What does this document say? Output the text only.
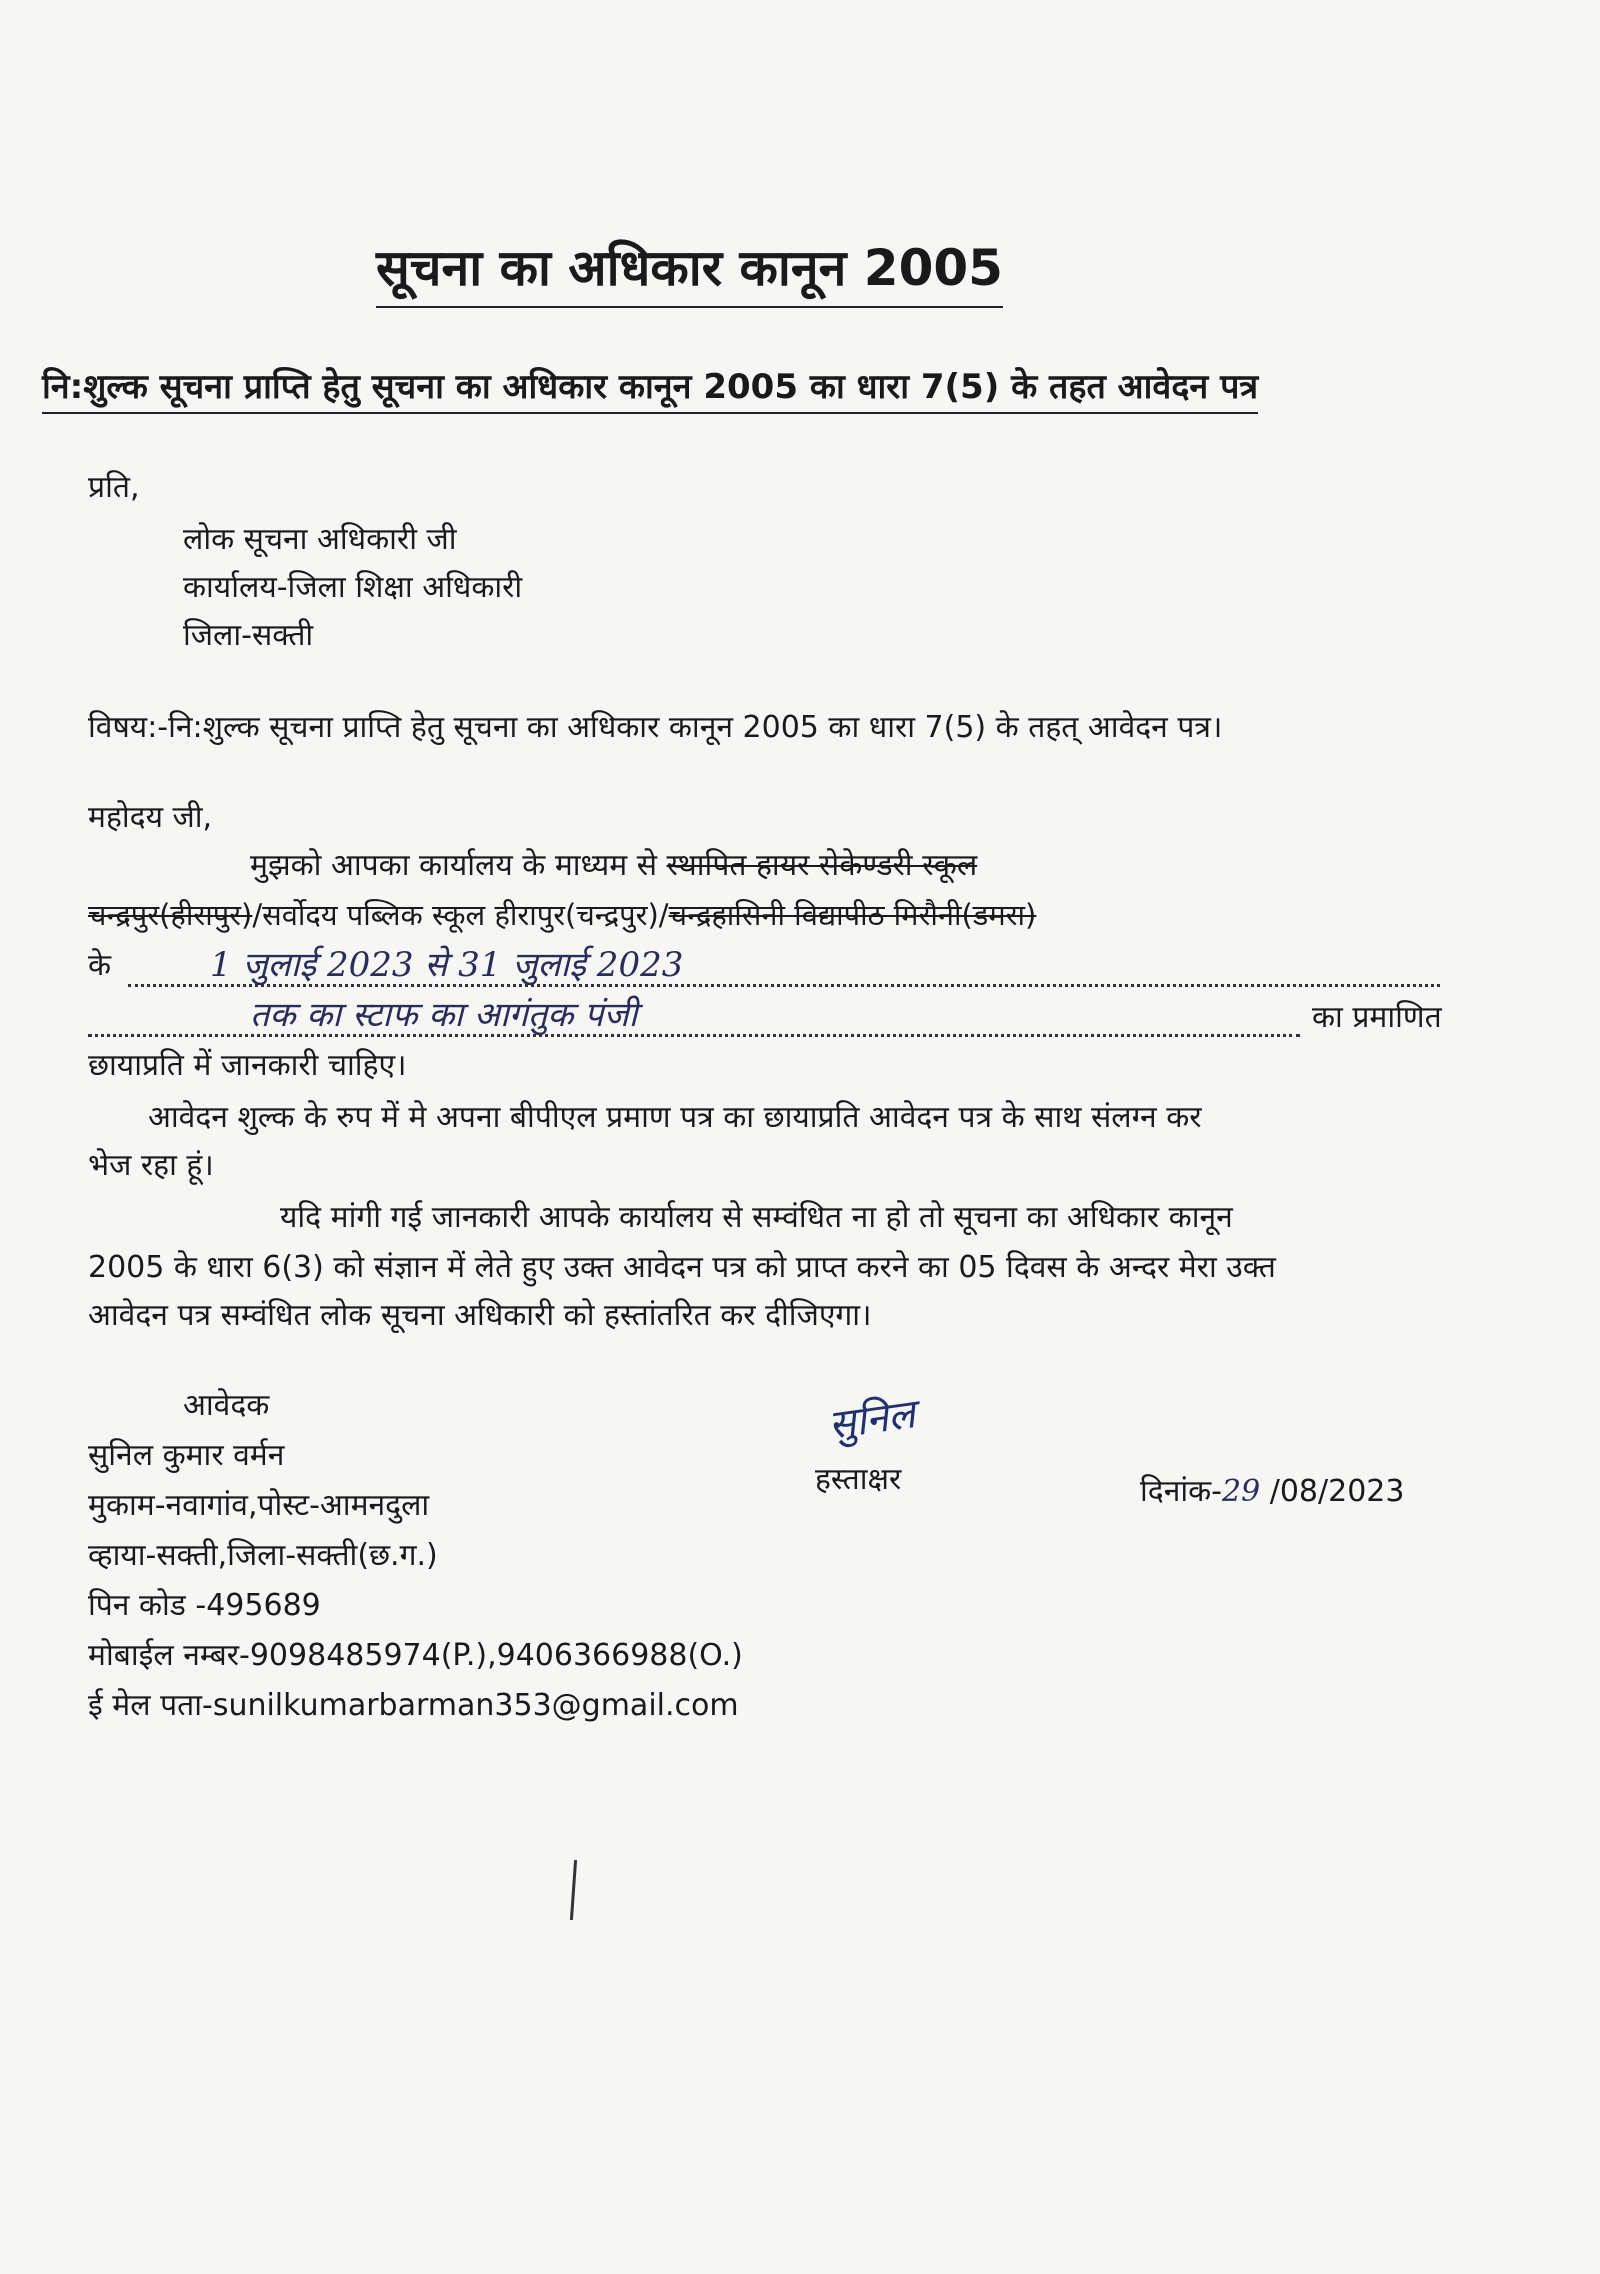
सूचना का अधिकार कानून 2005
नि:शुल्क सूचना प्राप्ति हेतु सूचना का अधिकार कानून 2005 का धारा 7(5) के तहत आवेदन पत्र
प्रति,
लोक सूचना अधिकारी जी
कार्यालय-जिला शिक्षा अधिकारी
जिला-सक्ती
विषय:-नि:शुल्क सूचना प्राप्ति हेतु सूचना का अधिकार कानून 2005 का धारा 7(5) के तहत् आवेदन पत्र।
महोदय जी,
मुझको आपका कार्यालय के माध्यम से स्थापित हायर सेकेण्डरी स्कूल
चन्द्रपुर(हीरापुर)/सर्वोदय पब्लिक स्कूल हीरापुर(चन्द्रपुर)/चन्द्रहासिनी विद्यापीठ मिरौनी(डमरा)
के	1 जुलाई 2023 से 31 जुलाई 2023
तक का स्टाफ का आगंतुक पंजी	का प्रमाणित
छायाप्रति में जानकारी चाहिए।
आवेदन शुल्क के रुप में मे अपना बीपीएल प्रमाण पत्र का छायाप्रति आवेदन पत्र के साथ संलग्न कर
भेज रहा हूं।
यदि मांगी गई जानकारी आपके कार्यालय से सम्वंधित ना हो तो सूचना का अधिकार कानून
2005 के धारा 6(3) को संज्ञान में लेते हुए उक्त आवेदन पत्र को प्राप्त करने का 05 दिवस के अन्दर मेरा उक्त
आवेदन पत्र सम्वंधित लोक सूचना अधिकारी को हस्तांतरित कर दीजिएगा।
आवेदक
सुनिल कुमार वर्मन
मुकाम-नवागांव,पोस्ट-आमनदुला
व्हाया-सक्ती,जिला-सक्ती(छ.ग.)
पिन कोड -495689
मोबाईल नम्बर-9098485974(P.),9406366988(O.)
ई मेल पता-sunilkumarbarman353@gmail.com
सुनिल
हस्ताक्षर	दिनांक-29 /08/2023
